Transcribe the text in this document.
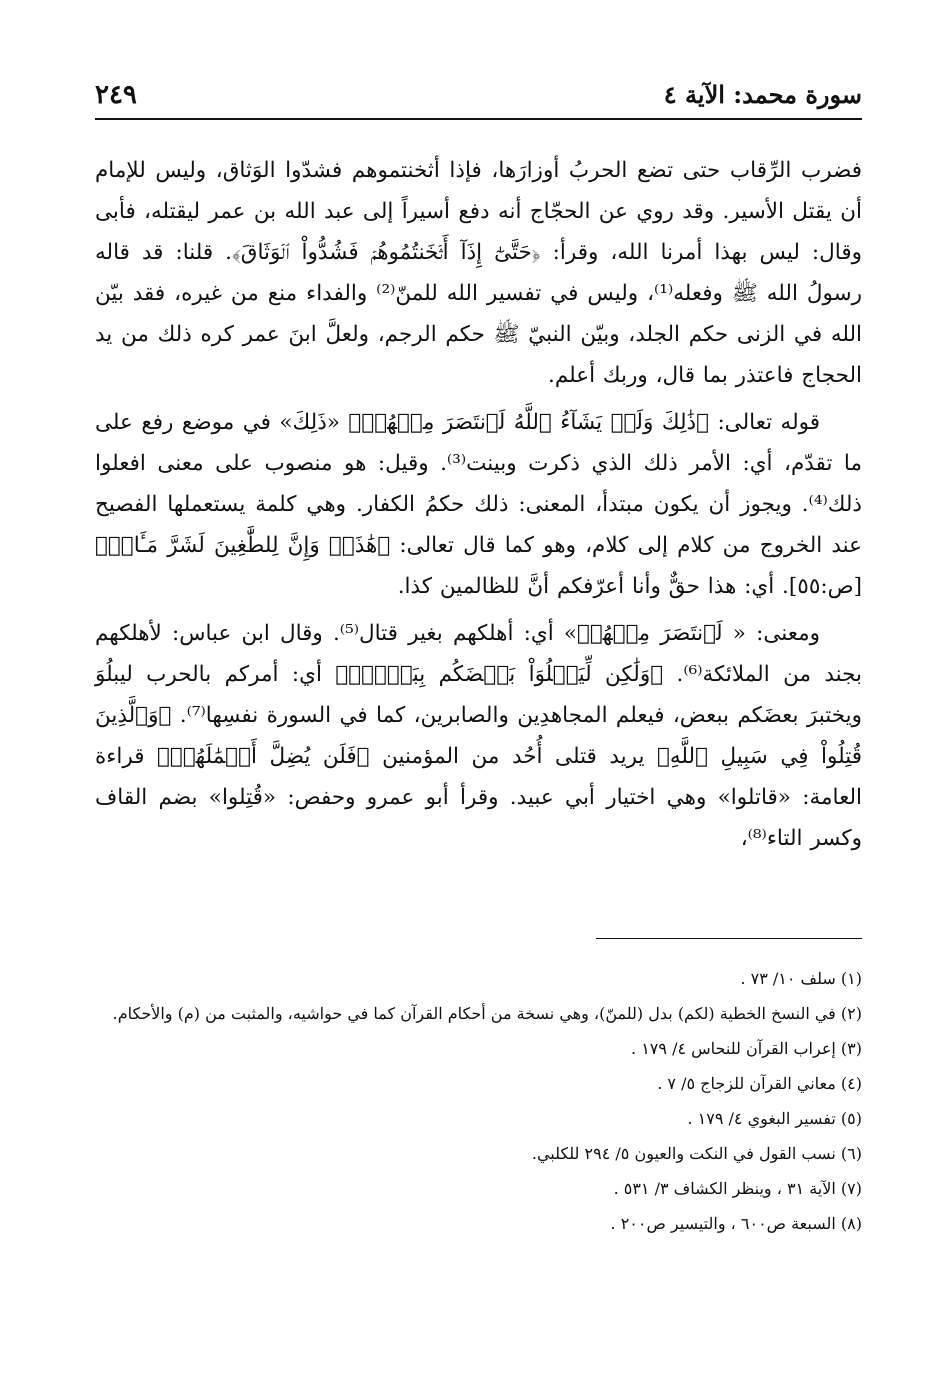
سورة محمد: الآية ٤
٢٤٩

فضرب الرِّقاب حتى تضع الحربُ أوزارَها، فإذا أثخنتموهم فشدّوا الوَثاق، وليس للإمام أن يقتل الأسير. وقد روي عن الحجّاج أنه دفع أسيراً إلى عبد الله بن عمر ليقتله، فأبى وقال: ليس بهذا أمرنا الله، وقرأ: ﴿حَتَّىٰٓ إِذَآ أَثۡخَنتُمُوهُمۡ فَشُدُّواْ ٱلۡوَثَاقَ﴾. قلنا: قد قاله رسولُ الله ﷺ وفعله⁽¹⁾، وليس في تفسير الله للمنّ⁽²⁾ والفداء منع من غيره، فقد بيّن الله في الزنى حكم الجلد، وبيّن النبيّ ﷺ حكم الرجم، ولعلَّ ابنَ عمر كره ذلك من يد الحجاج فاعتذر بما قال، وربك أعلم.

قوله تعالى: ﴿ذَٰلِكَ وَلَوۡ يَشَآءُ ٱللَّهُ لَٱنتَصَرَ مِنۡهُمۡ﴾ «ذَلِكَ» في موضع رفع على ما تقدّم، أي: الأمر ذلك الذي ذكرت وبينت⁽³⁾. وقيل: هو منصوب على معنى افعلوا ذلك⁽⁴⁾. ويجوز أن يكون مبتدأ، المعنى: ذلك حكمُ الكفار. وهي كلمة يستعملها الفصيح عند الخروج من كلام إلى كلام، وهو كما قال تعالى: ﴿هَٰذَاۚ وَإِنَّ لِلطَّٰغِينَ لَشَرَّ مَـَٔابٖ﴾ [ص:٥٥]. أي: هذا حقٌّ وأنا أعرّفكم أنَّ للظالمين كذا.

ومعنى: « لَٱنتَصَرَ مِنۡهُمۡ» أي: أهلكهم بغير قتال⁽⁵⁾. وقال ابن عباس: لأهلكهم بجند من الملائكة⁽⁶⁾. ﴿وَلَٰكِن لِّيَبۡلُوَاْ بَعۡضَكُم بِبَعۡضٖۗ﴾ أي: أمركم بالحرب ليبلُوَ ويختبرَ بعضَكم ببعض، فيعلم المجاهدِين والصابرين، كما في السورة نفسِها⁽⁷⁾. ﴿وَٱلَّذِينَ قُتِلُواْ فِي سَبِيلِ ٱللَّهِ﴾ يريد قتلى أُحُد من المؤمنين ﴿فَلَن يُضِلَّ أَعۡمَٰلَهُمۡ﴾ قراءة العامة: «قاتلوا» وهي اختيار أبي عبيد. وقرأ أبو عمرو وحفص: «قُتِلوا» بضم القاف وكسر التاء⁽⁸⁾،

(١) سلف ١٠/ ٧٣ .
(٢) في النسخ الخطية (لكم) بدل (للمنّ)، وهي نسخة من أحكام القرآن كما في حواشيه، والمثبت من (م) والأحكام.
(٣) إعراب القرآن للنحاس ٤/ ١٧٩ .
(٤) معاني القرآن للزجاج ٥/ ٧ .
(٥) تفسير البغوي ٤/ ١٧٩ .
(٦) نسب القول في النكت والعيون ٥/ ٢٩٤ للكلبي.
(٧) الآية ٣١ ، وينظر الكشاف ٣/ ٥٣١ .
(٨) السبعة ص٦٠٠ ، والتيسير ص٢٠٠ .
